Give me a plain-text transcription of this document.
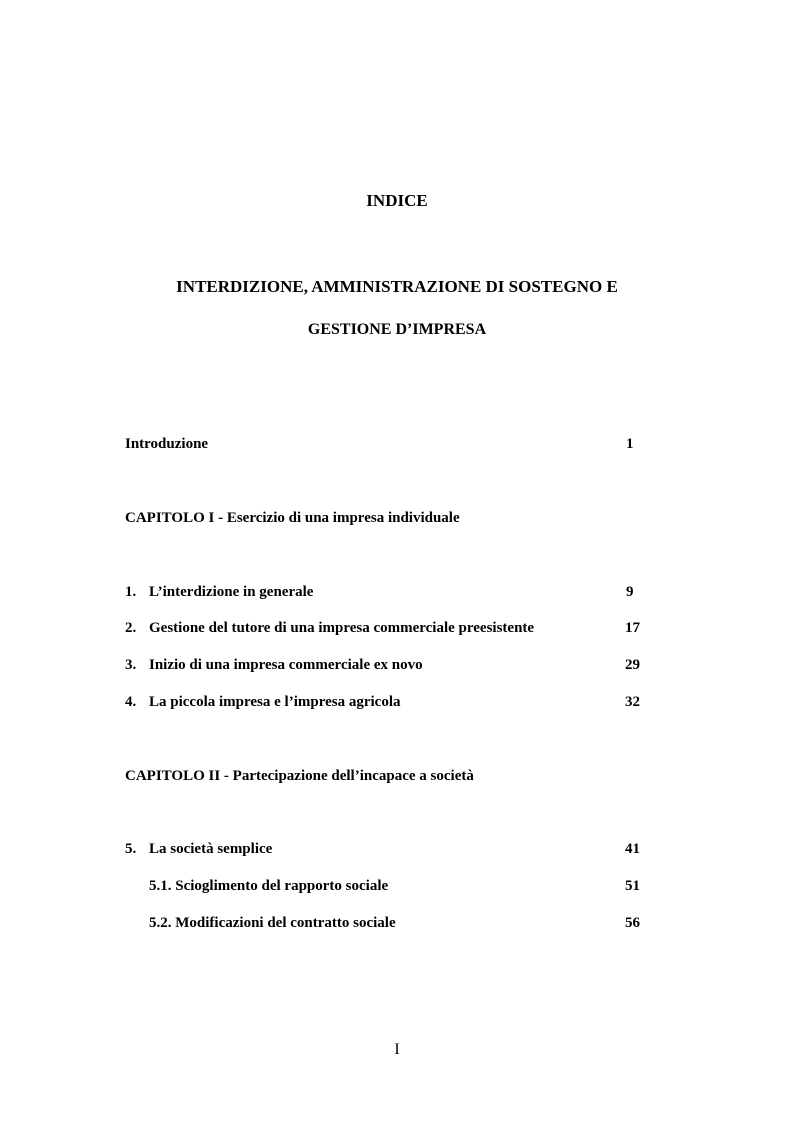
INDICE
INTERDIZIONE, AMMINISTRAZIONE DI SOSTEGNO E
GESTIONE D’IMPRESA
Introduzione	1
CAPITOLO I - Esercizio di una impresa individuale
1. L’interdizione in generale	9
2. Gestione del tutore di una impresa commerciale preesistente	17
3. Inizio di una impresa commerciale ex novo	29
4. La piccola impresa e l’impresa agricola	32
CAPITOLO II - Partecipazione dell’incapace a società
5. La società semplice	41
5.1. Scioglimento del rapporto sociale	51
5.2. Modificazioni del contratto sociale	56
I
